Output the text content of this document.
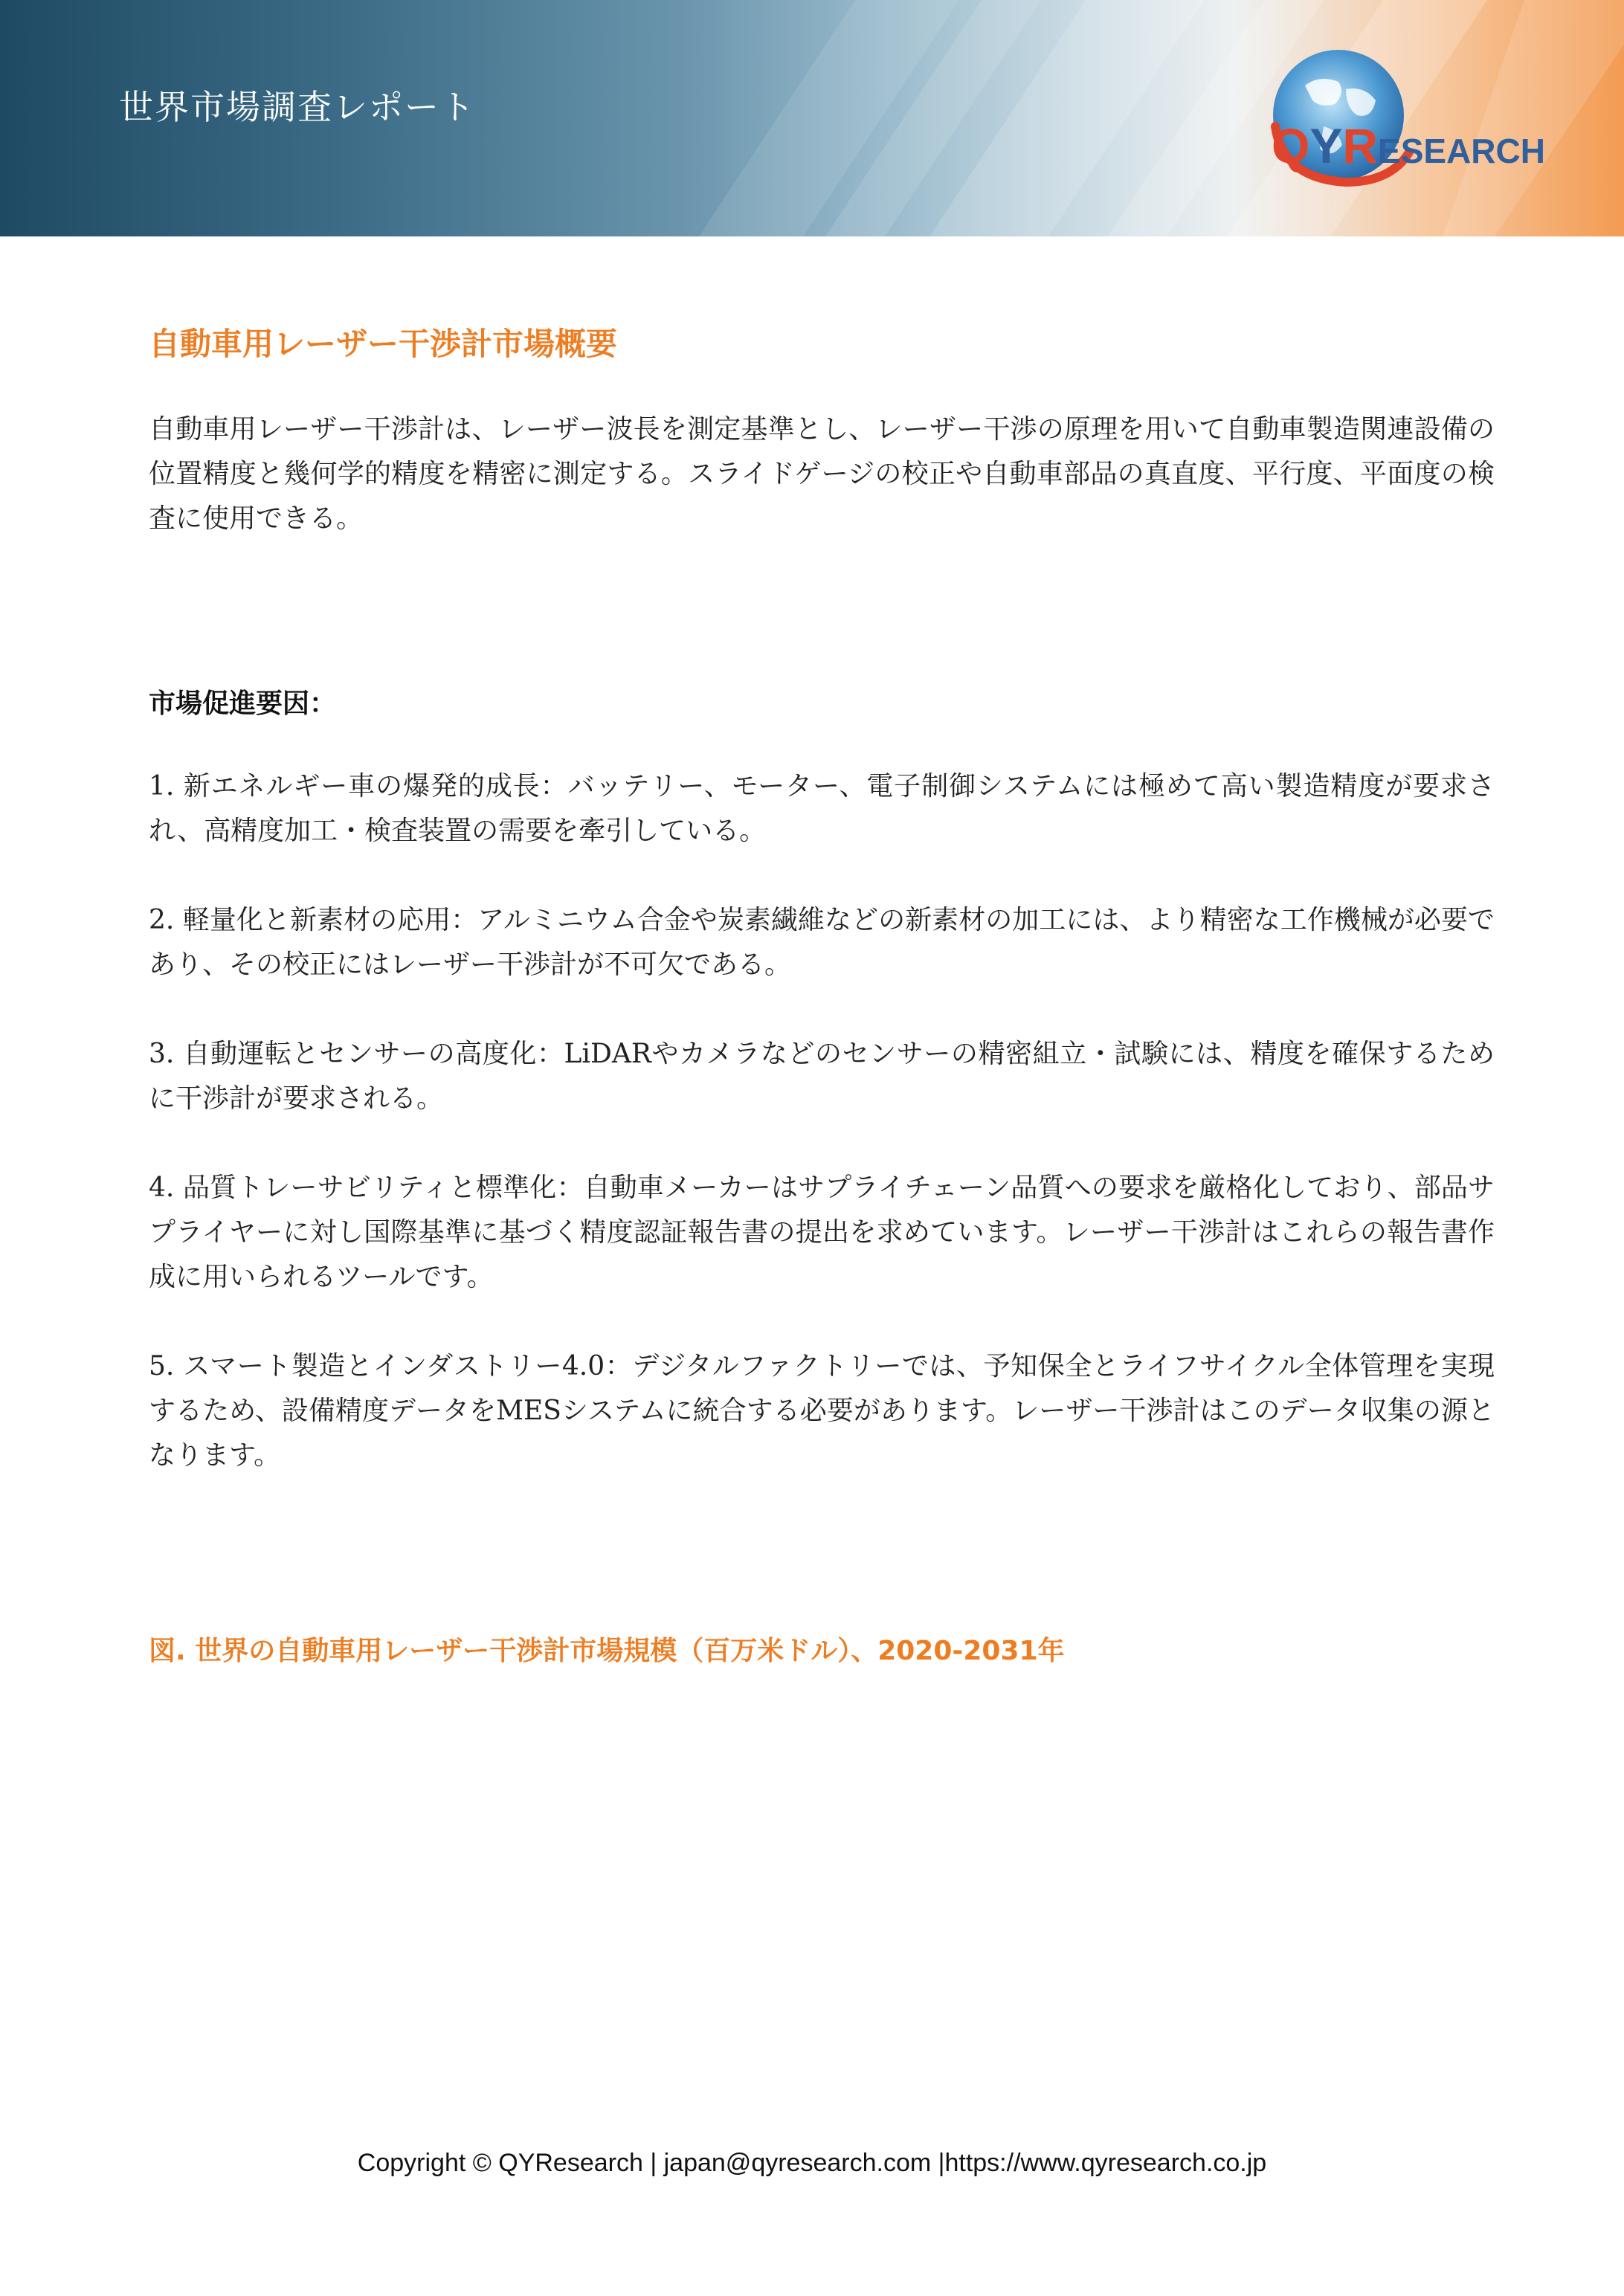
世界市場調査レポート
QYRESEARCH
自動車用レーザー干渉計市場概要
自動車用レーザー干渉計は、レーザー波長を測定基準とし、レーザー干渉の原理を用いて自動車製造関連設備の位置精度と幾何学的精度を精密に測定する。スライドゲージの校正や自動車部品の真直度、平行度、平面度の検査に使用できる。
市場促進要因：
1. 新エネルギー車の爆発的成長：バッテリー、モーター、電子制御システムには極めて高い製造精度が要求され、高精度加工・検査装置の需要を牽引している。
2. 軽量化と新素材の応用：アルミニウム合金や炭素繊維などの新素材の加工には、より精密な工作機械が必要であり、その校正にはレーザー干渉計が不可欠である。
3. 自動運転とセンサーの高度化：LiDARやカメラなどのセンサーの精密組立・試験には、精度を確保するために干渉計が要求される。
4. 品質トレーサビリティと標準化：自動車メーカーはサプライチェーン品質への要求を厳格化しており、部品サプライヤーに対し国際基準に基づく精度認証報告書の提出を求めています。レーザー干渉計はこれらの報告書作成に用いられるツールです。
5. スマート製造とインダストリー4.0：デジタルファクトリーでは、予知保全とライフサイクル全体管理を実現するため、設備精度データをMESシステムに統合する必要があります。レーザー干渉計はこのデータ収集の源となります。
図. 世界の自動車用レーザー干渉計市場規模（百万米ドル）、2020-2031年
Copyright © QYResearch | japan@qyresearch.com |https://www.qyresearch.co.jp
